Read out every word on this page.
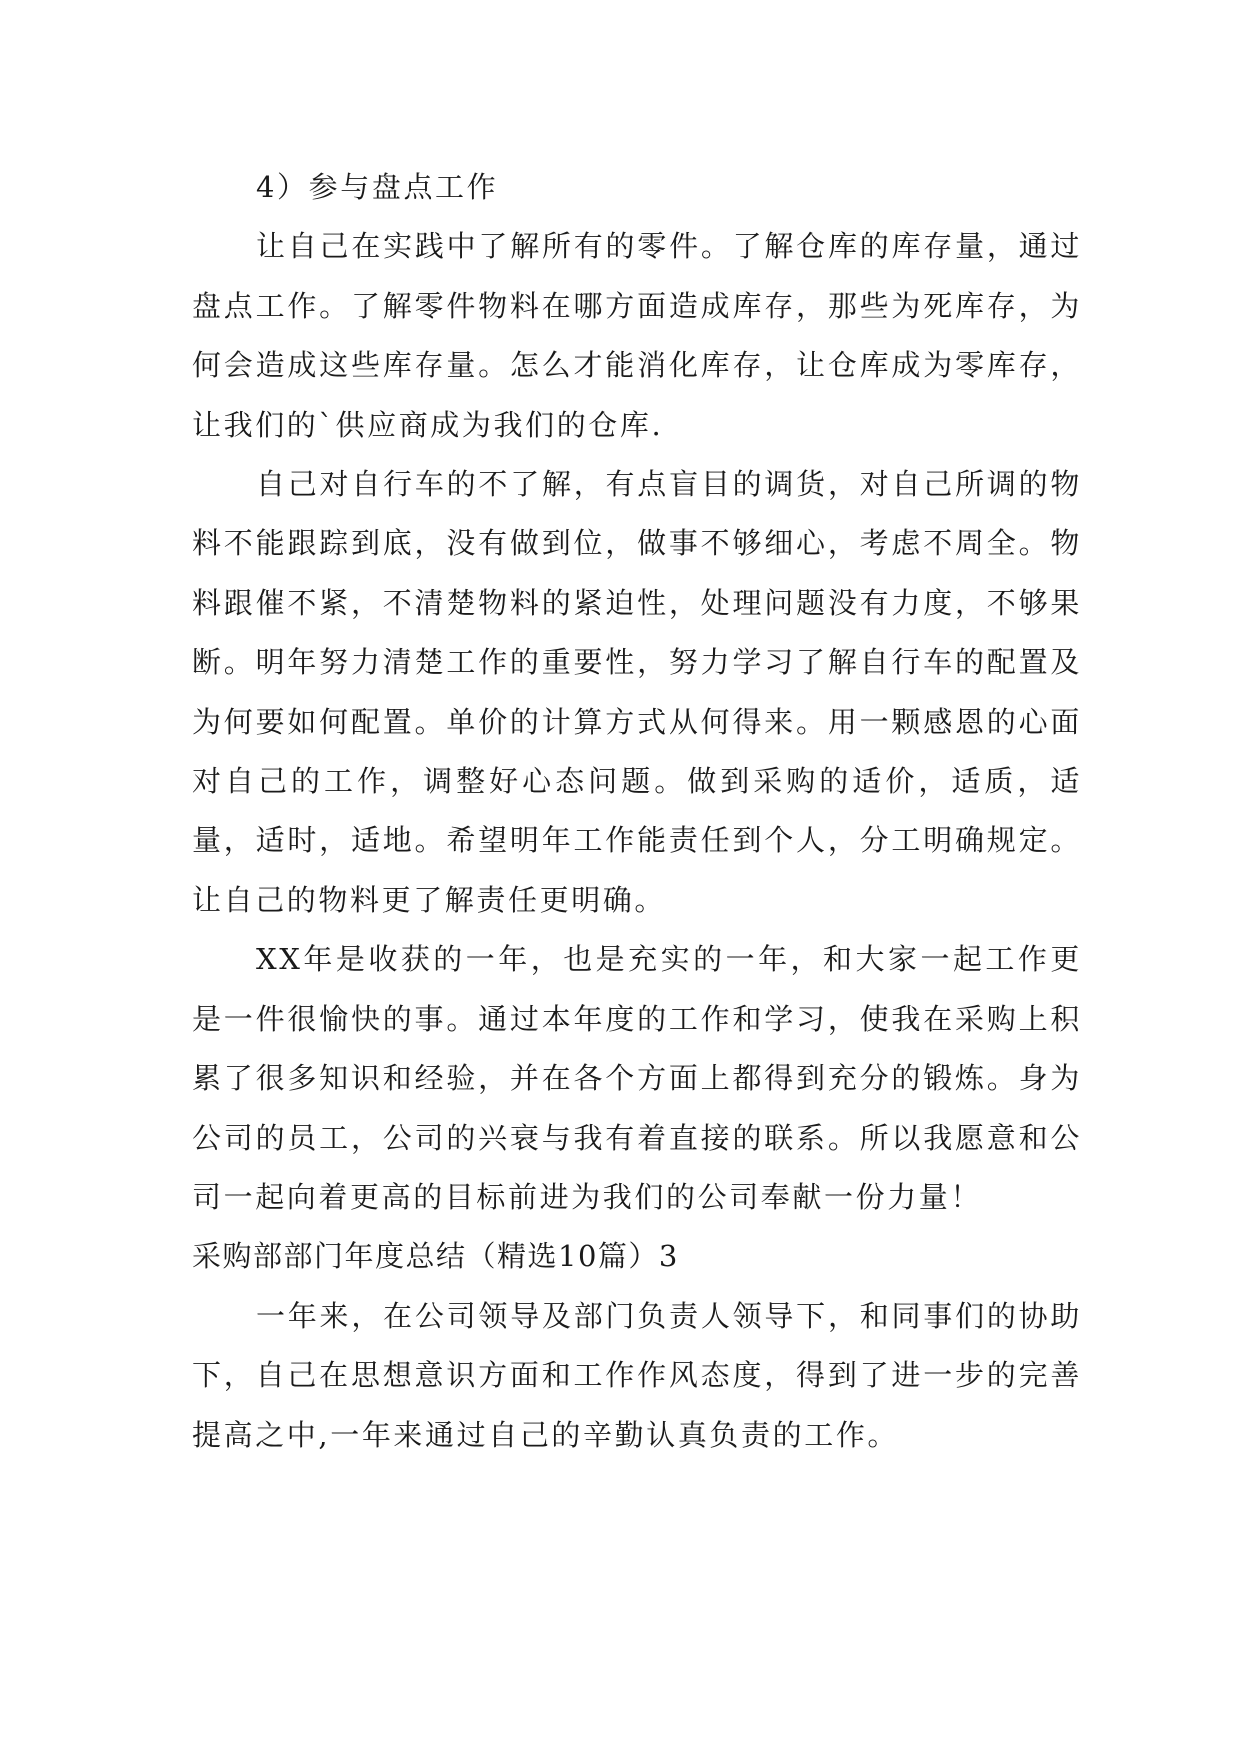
4）参与盘点工作

让自己在实践中了解所有的零件。了解仓库的库存量，通过盘点工作。了解零件物料在哪方面造成库存，那些为死库存，为何会造成这些库存量。怎么才能消化库存，让仓库成为零库存，让我们的`供应商成为我们的仓库.

自己对自行车的不了解，有点盲目的调货，对自己所调的物料不能跟踪到底，没有做到位，做事不够细心，考虑不周全。物料跟催不紧，不清楚物料的紧迫性，处理问题没有力度，不够果断。明年努力清楚工作的重要性，努力学习了解自行车的配置及为何要如何配置。单价的计算方式从何得来。用一颗感恩的心面对自己的工作，调整好心态问题。做到采购的适价，适质，适量，适时，适地。希望明年工作能责任到个人，分工明确规定。让自己的物料更了解责任更明确。

XX年是收获的一年，也是充实的一年，和大家一起工作更是一件很愉快的事。通过本年度的工作和学习，使我在采购上积累了很多知识和经验，并在各个方面上都得到充分的锻炼。身为公司的员工，公司的兴衰与我有着直接的联系。所以我愿意和公司一起向着更高的目标前进为我们的公司奉献一份力量！

采购部部门年度总结（精选10篇）3

一年来，在公司领导及部门负责人领导下，和同事们的协助下，自己在思想意识方面和工作作风态度，得到了进一步的完善提高之中,一年来通过自己的辛勤认真负责的工作。
